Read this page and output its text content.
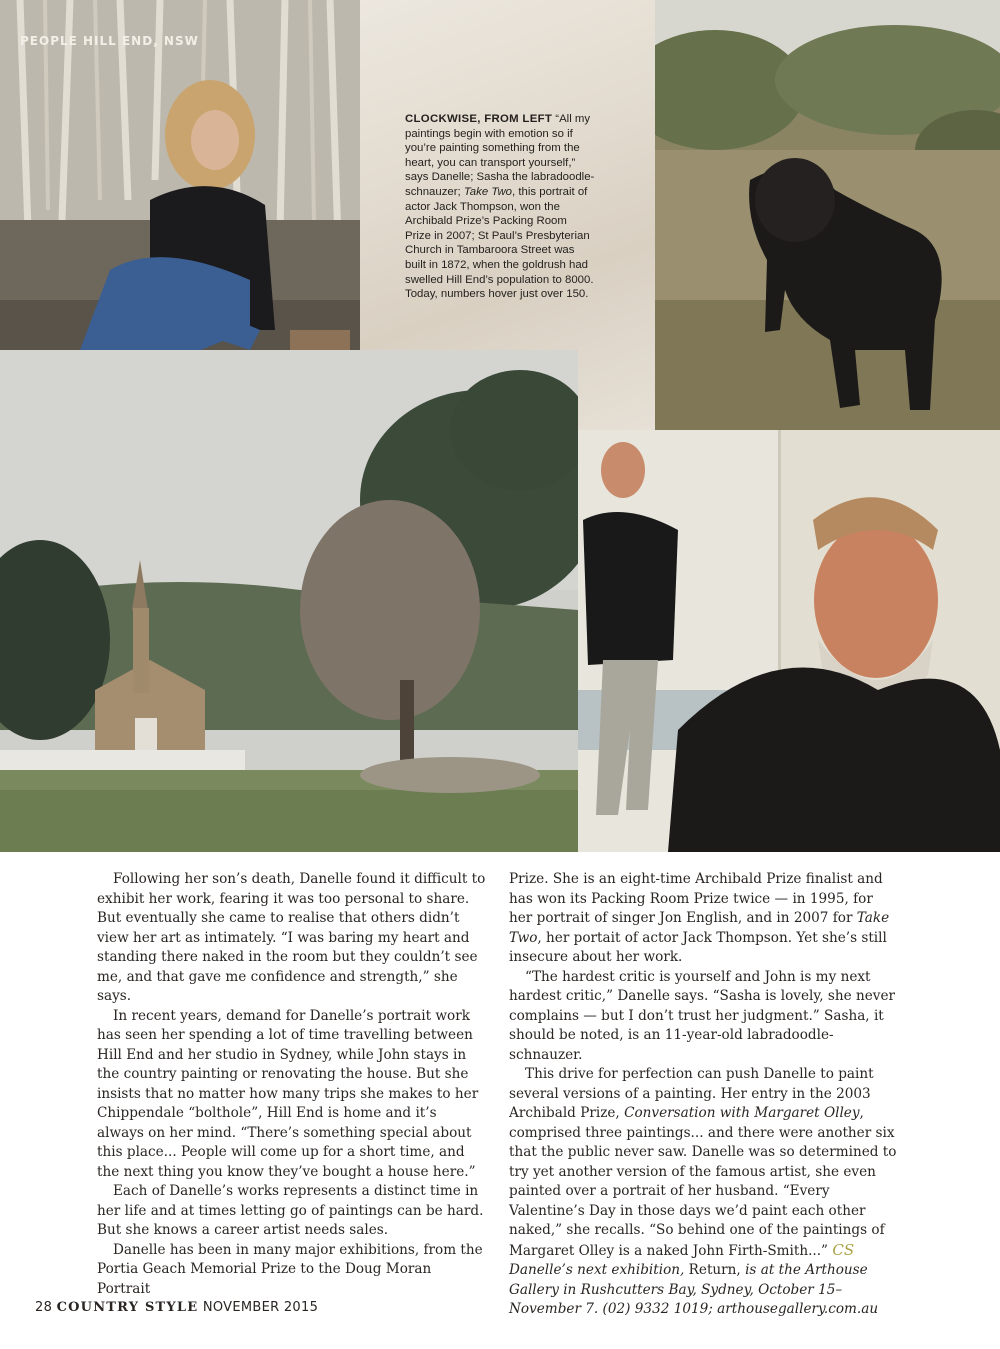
PEOPLE HILL END, NSW
CLOCKWISE, FROM LEFT “All my paintings begin with emotion so if you’re painting something from the heart, you can transport yourself,” says Danelle; Sasha the labradoodle-schnauzer; Take Two, this portrait of actor Jack Thompson, won the Archibald Prize’s Packing Room Prize in 2007; St Paul’s Presbyterian Church in Tambaroora Street was built in 1872, when the goldrush had swelled Hill End’s population to 8000. Today, numbers hover just over 150.

Following her son’s death, Danelle found it difficult to exhibit her work, fearing it was too personal to share. But eventually she came to realise that others didn’t view her art as intimately. “I was baring my heart and standing there naked in the room but they couldn’t see me, and that gave me confidence and strength,” she says.

In recent years, demand for Danelle’s portrait work has seen her spending a lot of time travelling between Hill End and her studio in Sydney, while John stays in the country painting or renovating the house. But she insists that no matter how many trips she makes to her Chippendale “bolthole”, Hill End is home and it’s always on her mind. “There’s something special about this place... People will come up for a short time, and the next thing you know they’ve bought a house here.”

Each of Danelle’s works represents a distinct time in her life and at times letting go of paintings can be hard. But she knows a career artist needs sales.

Danelle has been in many major exhibitions, from the Portia Geach Memorial Prize to the Doug Moran Portrait

Prize. She is an eight-time Archibald Prize finalist and has won its Packing Room Prize twice — in 1995, for her portrait of singer Jon English, and in 2007 for Take Two, her portait of actor Jack Thompson. Yet she’s still insecure about her work.

“The hardest critic is yourself and John is my next hardest critic,” Danelle says. “Sasha is lovely, she never complains — but I don’t trust her judgment.” Sasha, it should be noted, is an 11-year-old labradoodle-schnauzer.

This drive for perfection can push Danelle to paint several versions of a painting. Her entry in the 2003 Archibald Prize, Conversation with Margaret Olley, comprised three paintings... and there were another six that the public never saw. Danelle was so determined to try yet another version of the famous artist, she even painted over a portrait of her husband. “Every Valentine’s Day in those days we’d paint each other naked,” she recalls. “So behind one of the paintings of Margaret Olley is a naked John Firth-Smith...” CS

Danelle’s next exhibition, Return, is at the Arthouse Gallery in Rushcutters Bay, Sydney, October 15–November 7. (02) 9332 1019; arthousegallery.com.au

28 COUNTRY STYLE NOVEMBER 2015
